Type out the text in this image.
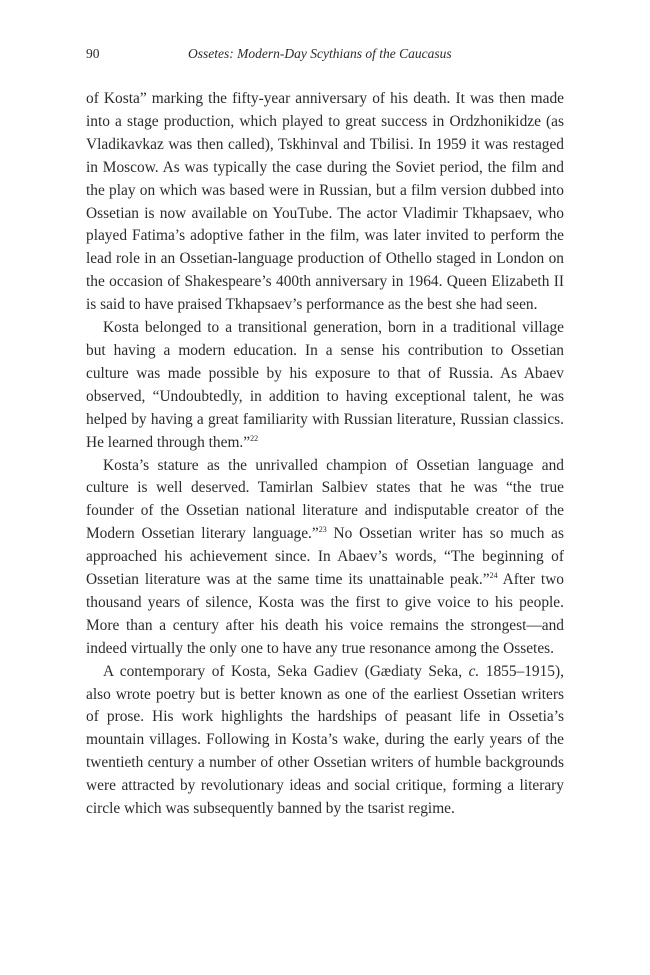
90	Ossetes: Modern-Day Scythians of the Caucasus

of Kosta” marking the fifty-year anniversary of his death. It was then made into a stage production, which played to great success in Ordzhonikidze (as Vladikavkaz was then called), Tskhinval and Tbilisi. In 1959 it was restaged in Moscow. As was typically the case during the Soviet period, the film and the play on which was based were in Russian, but a film version dubbed into Ossetian is now available on YouTube. The actor Vladimir Tkhapsaev, who played Fatima’s adoptive father in the film, was later invited to perform the lead role in an Ossetian-language production of Othello staged in London on the occasion of Shakespeare’s 400th anniversary in 1964. Queen Elizabeth II is said to have praised Tkhapsaev’s performance as the best she had seen.

Kosta belonged to a transitional generation, born in a traditional village but having a modern education. In a sense his contribution to Ossetian culture was made possible by his exposure to that of Russia. As Abaev observed, “Undoubtedly, in addition to having exceptional talent, he was helped by having a great familiarity with Russian literature, Russian classics. He learned through them.”$^{22}$

Kosta’s stature as the unrivalled champion of Ossetian language and culture is well deserved. Tamirlan Salbiev states that he was “the true founder of the Ossetian national literature and indisputable creator of the Modern Ossetian literary language.”$^{23}$ No Ossetian writer has so much as approached his achievement since. In Abaev’s words, “The beginning of Ossetian literature was at the same time its unattainable peak.”$^{24}$ After two thousand years of silence, Kosta was the first to give voice to his people. More than a century after his death his voice remains the strongest—and indeed virtually the only one to have any true resonance among the Ossetes.

A contemporary of Kosta, Seka Gadiev (Gædiaty Seka, c. 1855–1915), also wrote poetry but is better known as one of the earliest Ossetian writers of prose. His work highlights the hardships of peasant life in Ossetia’s mountain villages. Following in Kosta’s wake, during the early years of the twentieth century a number of other Ossetian writers of humble backgrounds were attracted by revolutionary ideas and social critique, forming a literary circle which was subsequently banned by the tsarist regime.
